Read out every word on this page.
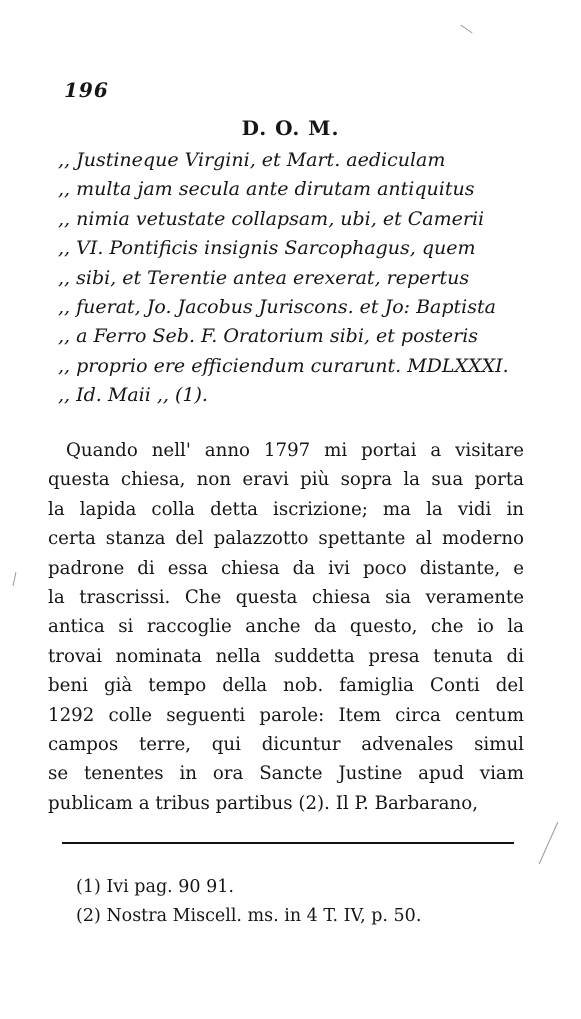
196
D. O. M.
,, Justineque Virgini, et Mart. aediculam
,, multa jam secula ante dirutam antiquitus
,, nimia vetustate collapsam, ubi, et Camerii
,, VI. Pontificis insignis Sarcophagus, quem
,, sibi, et Terentie antea erexerat, repertus
,, fuerat, Jo. Jacobus Juriscons. et Jo: Baptista
,, a Ferro Seb. F. Oratorium sibi, et posteris
,, proprio ere efficiendum curarunt. MDLXXXI.
,, Id. Maii ,, (1).
Quando nell' anno 1797 mi portai a visitare
questa chiesa, non eravi più sopra la sua porta
la lapida colla detta iscrizione; ma la vidi in
certa stanza del palazzotto spettante al moderno
padrone di essa chiesa da ivi poco distante, e
la trascrissi. Che questa chiesa sia veramente
antica si raccoglie anche da questo, che io la
trovai nominata nella suddetta presa tenuta di
beni già tempo della nob. famiglia Conti del
1292 colle seguenti parole: Item circa centum
campos terre, qui dicuntur advenales simul
se tenentes in ora Sancte Justine apud viam
publicam a tribus partibus (2). Il P. Barbarano,
(1) Ivi pag. 90 91.
(2) Nostra Miscell. ms. in 4 T. IV, p. 50.
